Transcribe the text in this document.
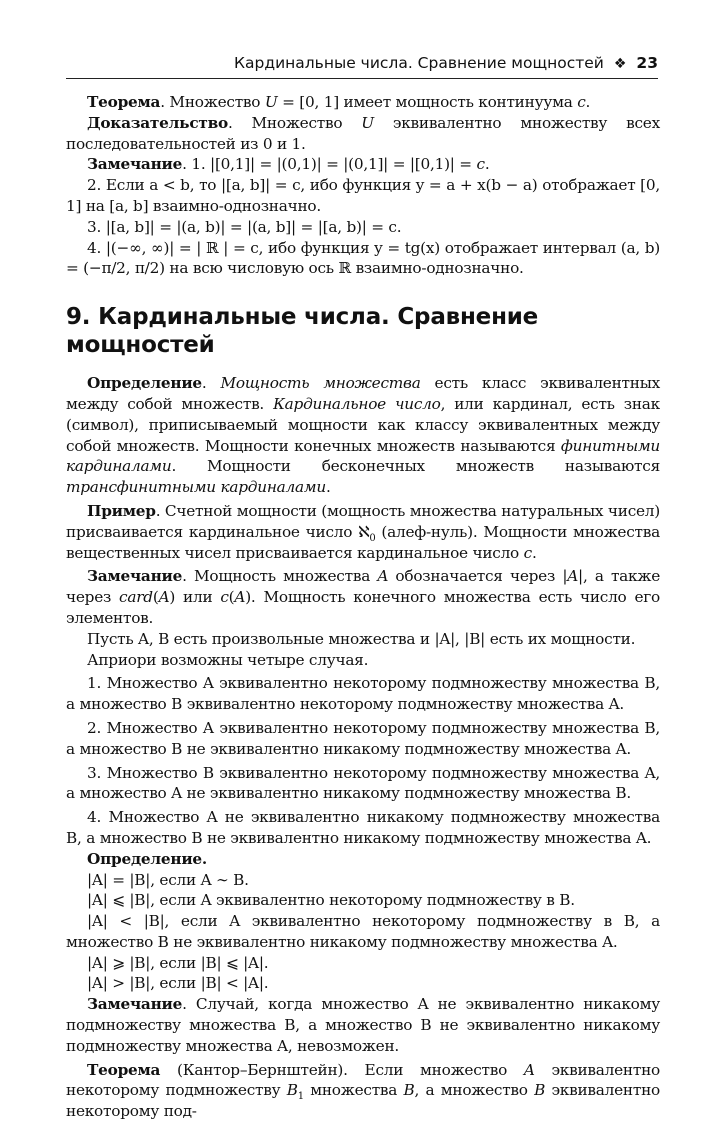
Кардинальные числа. Сравнение мощностей ❖ 23

Теорема. Множество U = [0, 1] имеет мощность континуума c.

Доказательство. Множество U эквивалентно множеству всех последовательностей из 0 и 1.

Замечание. 1. |[0,1]| = |(0,1)| = |(0,1]| = |[0,1)| = c.

2. Если a < b, то |[a, b]| = c, ибо функция y = a + x(b − a) отображает [0, 1] на [a, b] взаимно-однозначно.

3. |[a, b]| = |(a, b)| = |(a, b]| = |[a, b)| = c.

4. |(−∞, ∞)| = | ℝ | = c, ибо функция y = tg(x) отображает интервал (a, b) = (−π/2, π/2) на всю числовую ось ℝ взаимно-однозначно.

9. Кардинальные числа. Сравнение мощностей

Определение. Мощность множества есть класс эквивалентных между собой множеств. Кардинальное число, или кардинал, есть знак (символ), приписываемый мощности как классу эквивалентных между собой множеств. Мощности конечных множеств называются финитными кардиналами. Мощности бесконечных множеств называются трансфинитными кардиналами.

Пример. Счетной мощности (мощность множества натуральных чисел) присваивается кардинальное число ℵ$_0$ (алеф-нуль). Мощности множества вещественных чисел присваивается кардинальное число c.

Замечание. Мощность множества A обозначается через |A|, а также через card(A) или c(A). Мощность конечного множества есть число его элементов.

Пусть A, B есть произвольные множества и |A|, |B| есть их мощности.

Априори возможны четыре случая.

1. Множество A эквивалентно некоторому подмножеству множества B, а множество B эквивалентно некоторому подмножеству множества A.

2. Множество А эквивалентно некоторому подмножеству множества B, а множество B не эквивалентно никакому подмножеству множества A.

3. Множество B эквивалентно некоторому подмножеству множества A, а множество A не эквивалентно никакому подмножеству множества B.

4. Множество A не эквивалентно никакому подмножеству множества B, а множество B не эквивалентно никакому подмножеству множества A.

Определение.

|A| = |B|, если A ∼ B.

|A| ⩽ |B|, если A эквивалентно некоторому подмножеству в B.

|A| < |B|, если A эквивалентно некоторому подмножеству в B, а множество B не эквивалентно никакому подмножеству множества A.

|A| ⩾ |B|, если |B| ⩽ |A|.

|A| > |B|, если |B| < |A|.

Замечание. Случай, когда множество A не эквивалентно никакому подмножеству множества B, а множество B не эквивалентно никакому подмножеству множества A, невозможен.

Теорема (Кантор–Бернштейн). Если множество A эквивалентно некоторому подмножеству $B_1$ множества B, а множество B эквивалентно некоторому под-
